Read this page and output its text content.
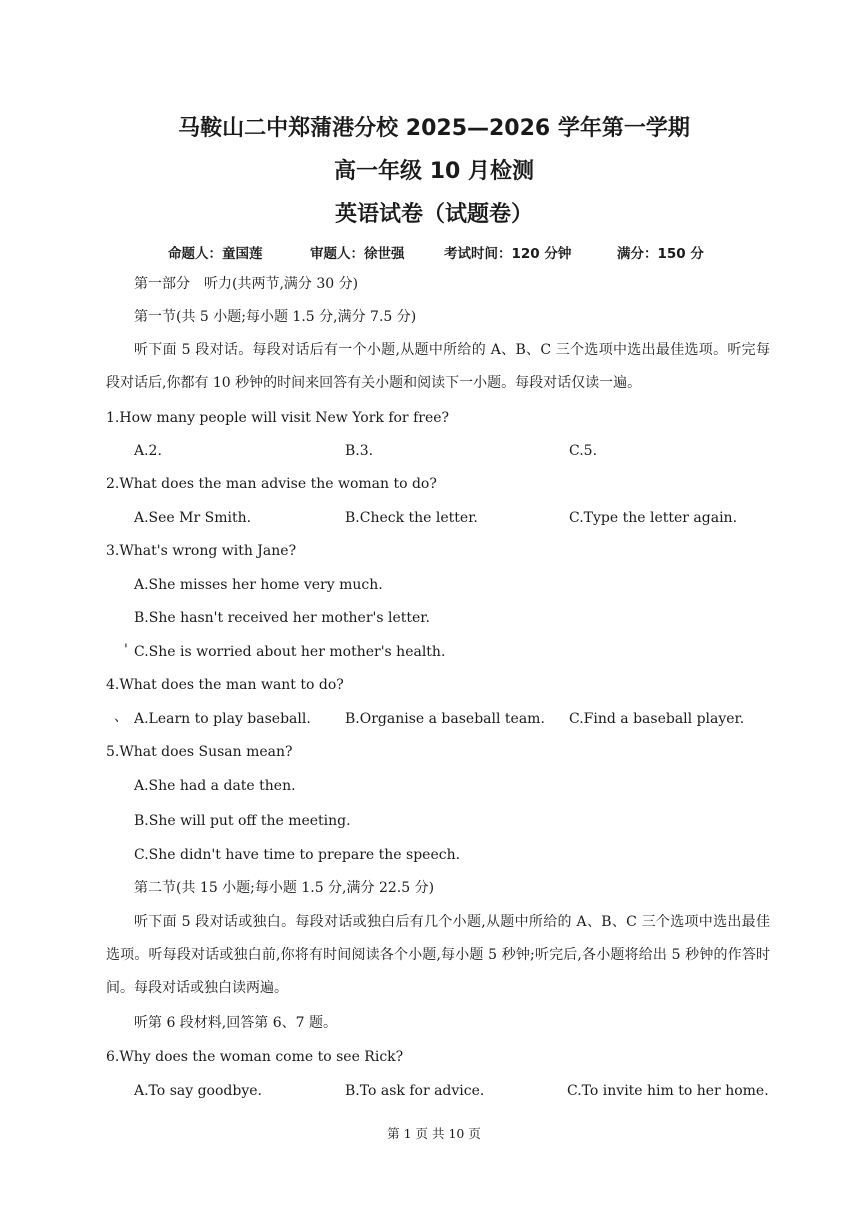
马鞍山二中郑蒲港分校 2025—2026 学年第一学期
高一年级 10 月检测
英语试卷（试题卷）
命题人：童国莲	审题人：徐世强	考试时间：120 分钟	满分：150 分
第一部分　听力(共两节,满分 30 分)
第一节(共 5 小题;每小题 1.5 分,满分 7.5 分)
听下面 5 段对话。每段对话后有一个小题,从题中所给的 A、B、C 三个选项中选出最佳选项。听完每段对话后,你都有 10 秒钟的时间来回答有关小题和阅读下一小题。每段对话仅读一遍。
1.How many people will visit New York for free?
A.2.	B.3.	C.5.
2.What does the man advise the woman to do?
A.See Mr Smith.	B.Check the letter.	C.Type the letter again.
3.What's wrong with Jane?
A.She misses her home very much.
B.She hasn't received her mother's letter.
' C.She is worried about her mother's health.
4.What does the man want to do?
、 A.Learn to play baseball. B.Organise a baseball team. C.Find a baseball player.
5.What does Susan mean?
A.She had a date then.
B.She will put off the meeting.
C.She didn't have time to prepare the speech.
第二节(共 15 小题;每小题 1.5 分,满分 22.5 分)
听下面 5 段对话或独白。每段对话或独白后有几个小题,从题中所给的 A、B、C 三个选项中选出最佳选项。听每段对话或独白前,你将有时间阅读各个小题,每小题 5 秒钟;听完后,各小题将给出 5 秒钟的作答时间。每段对话或独白读两遍。
听第 6 段材料,回答第 6、7 题。
6.Why does the woman come to see Rick?
A.To say goodbye.	B.To ask for advice.	C.To invite him to her home.
第 1 页 共 10 页
